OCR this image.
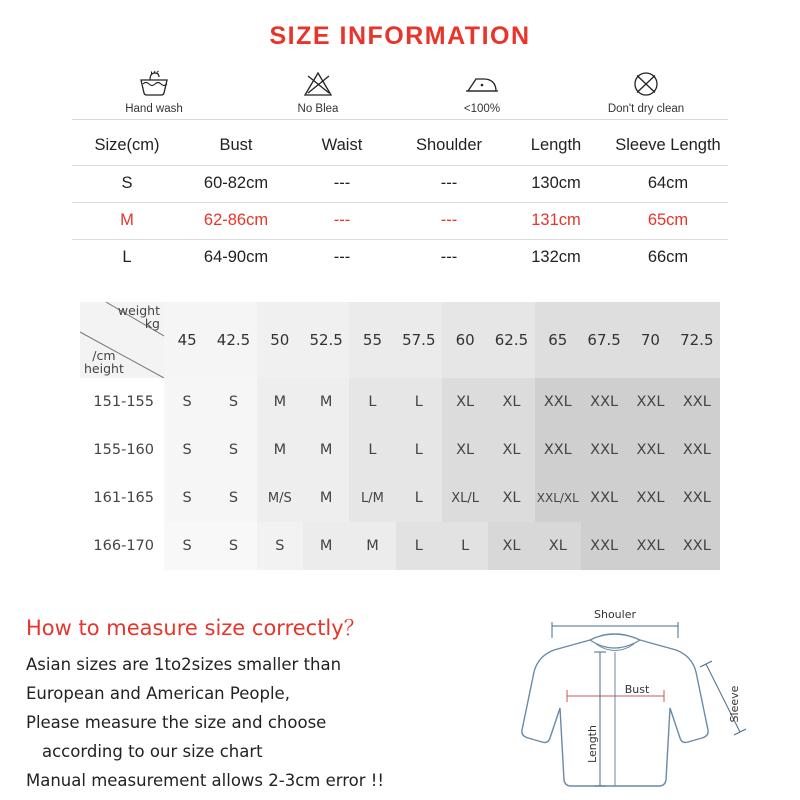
SIZE INFORMATION
Hand wash	No Blea	<100%	Don't dry clean
Size(cm)	Bust	Waist	Shoulder	Length	Sleeve Length
S	60-82cm	---	---	130cm	64cm
M	62-86cm	---	---	131cm	65cm
L	64-90cm	---	---	132cm	66cm
weight
kg
/cm
height	45	42.5	50	52.5	55	57.5	60	62.5	65	67.5	70	72.5
151-155	S	S	M	M	L	L	XL	XL	XXL	XXL	XXL	XXL
155-160	S	S	M	M	L	L	XL	XL	XXL	XXL	XXL	XXL
161-165	S	S	M/S	M	L/M	L	XL/L	XL	XXL/XL	XXL	XXL	XXL
166-170	S	S	S	M	M	L	L	XL	XL	XXL	XXL	XXL
How to measure size correctly？
Asian sizes are 1to2sizes smaller than
European and American People,
Please measure the size and choose
according to our size chart
Manual measurement allows 2-3cm error !!
Shouler
Bust
Length
Sleeve
